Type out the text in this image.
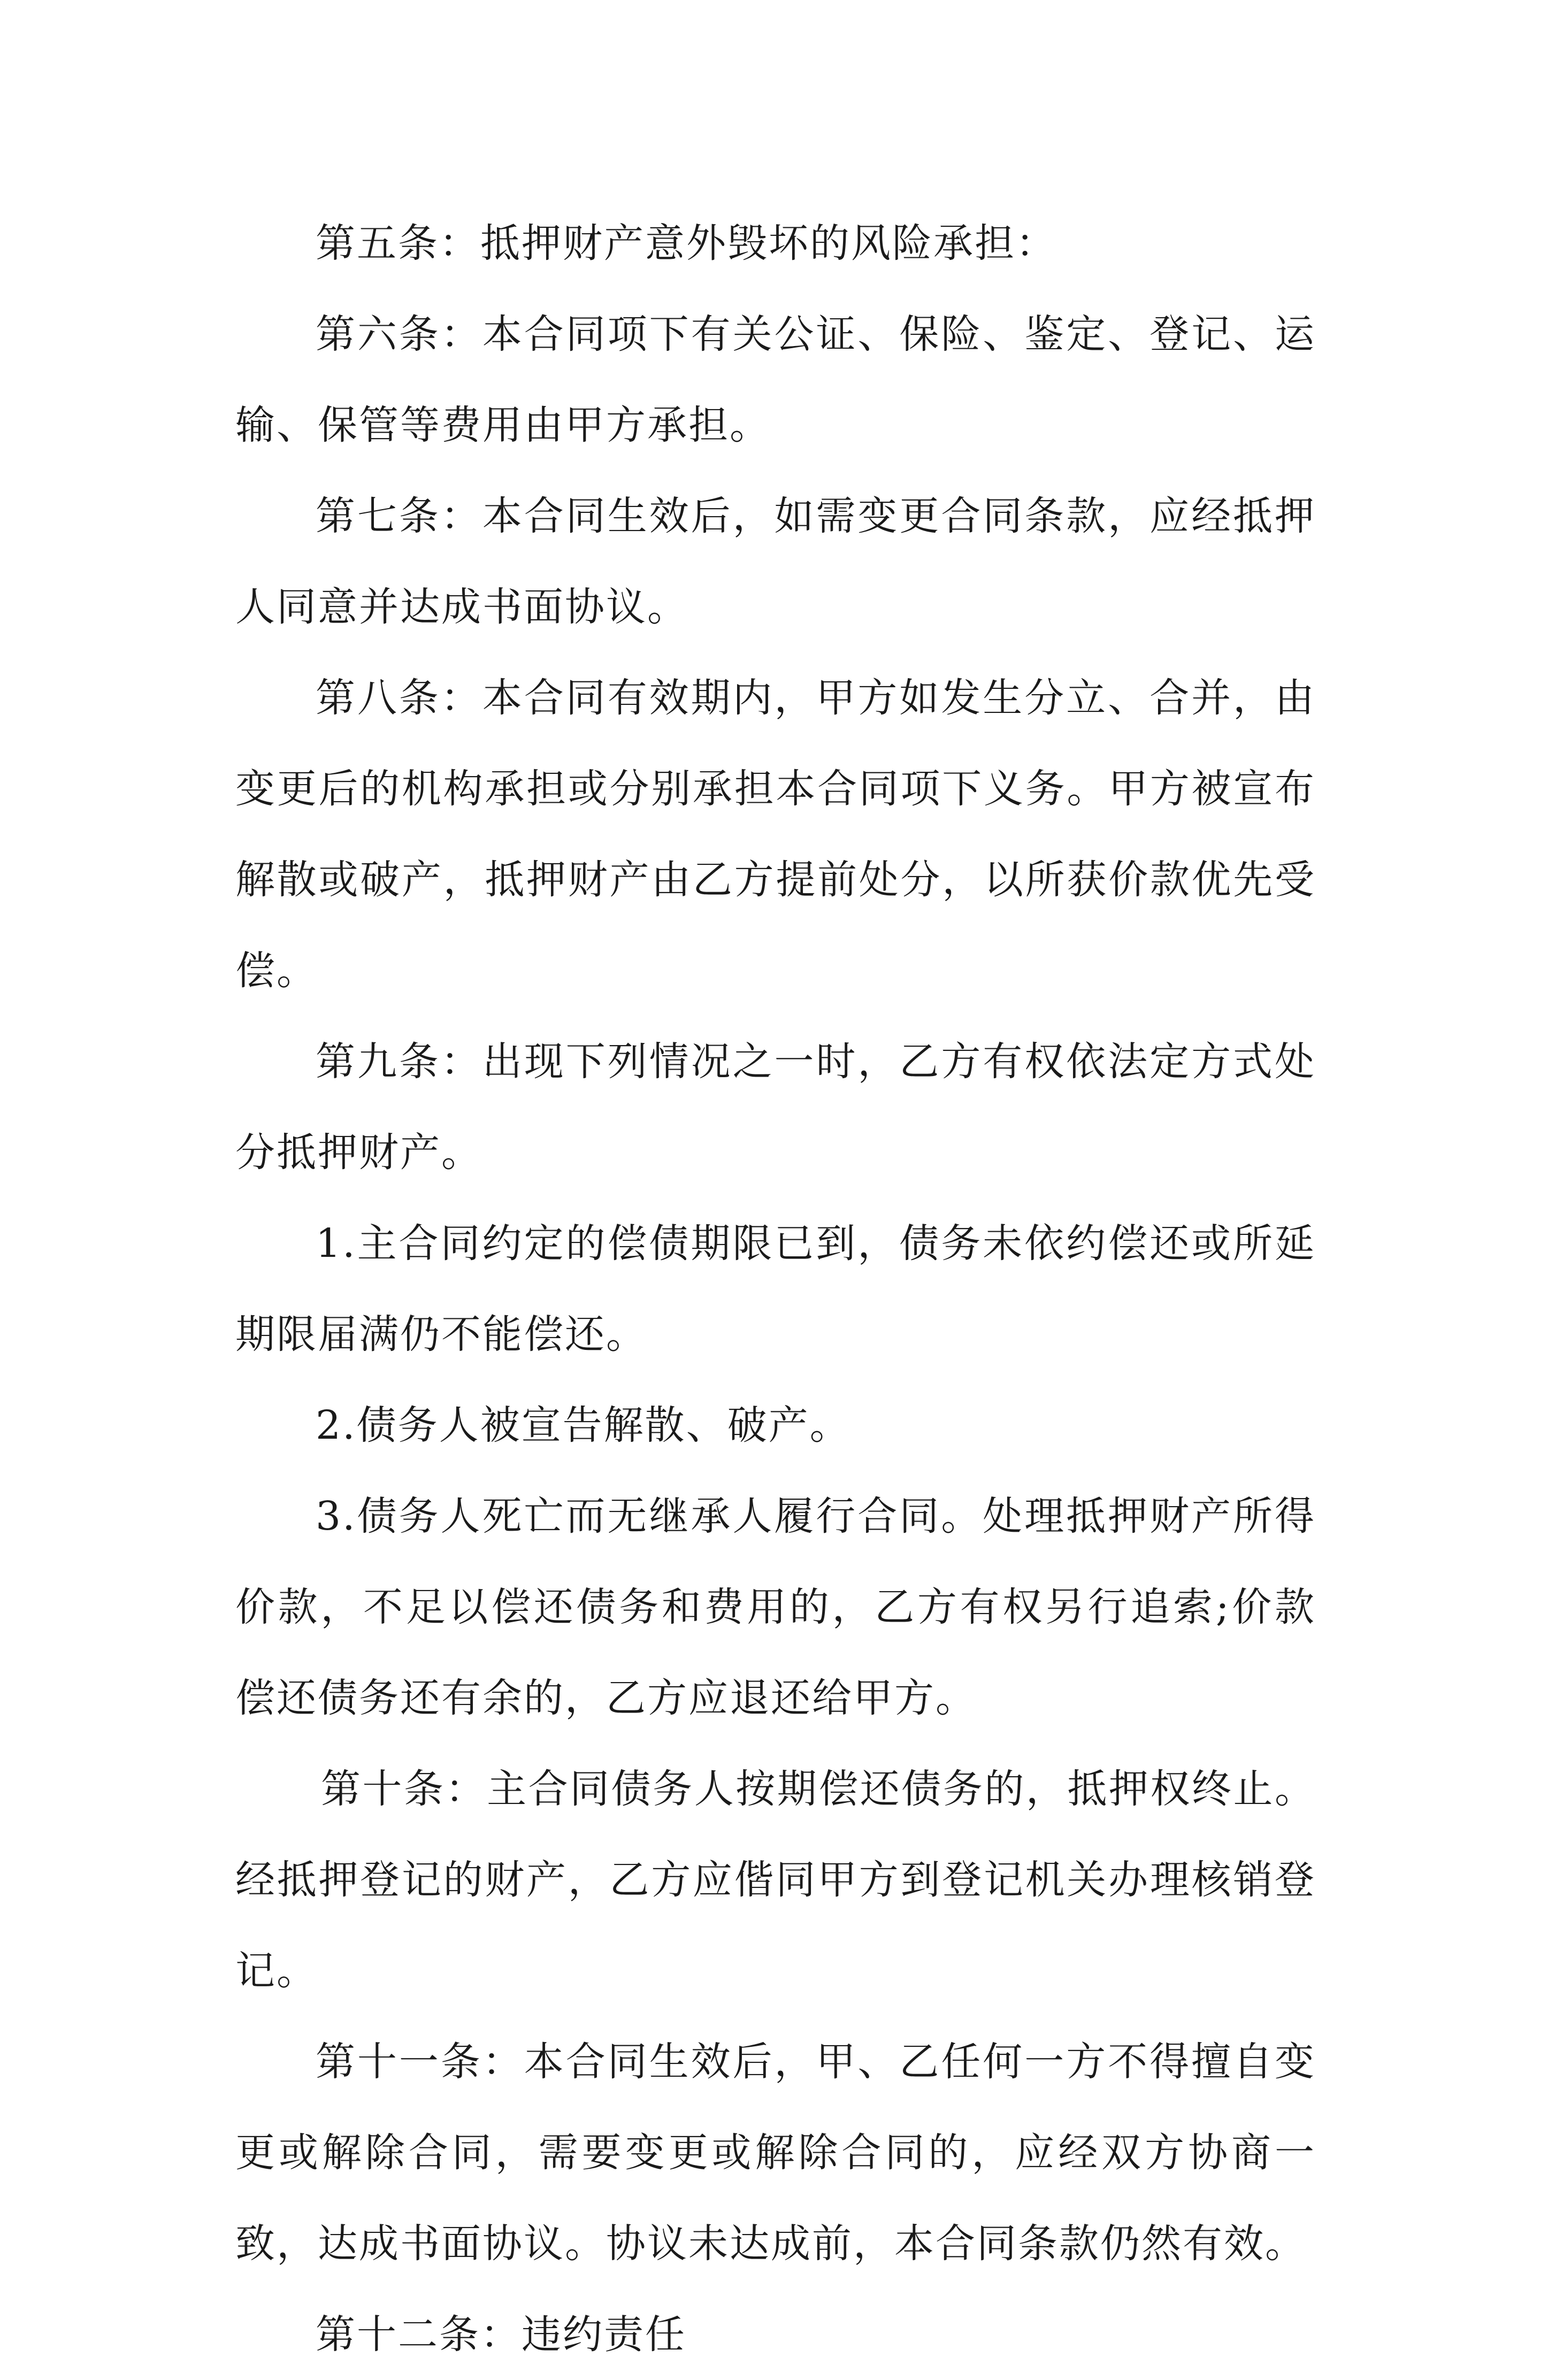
第五条：抵押财产意外毁坏的风险承担：

第六条：本合同项下有关公证、保险、鉴定、登记、运输、保管等费用由甲方承担。

第七条：本合同生效后，如需变更合同条款，应经抵押人同意并达成书面协议。

第八条：本合同有效期内，甲方如发生分立、合并，由变更后的机构承担或分别承担本合同项下义务。甲方被宣布解散或破产，抵押财产由乙方提前处分，以所获价款优先受偿。

第九条：出现下列情况之一时，乙方有权依法定方式处分抵押财产。

1.主合同约定的偿债期限已到，债务未依约偿还或所延期限届满仍不能偿还。

2.债务人被宣告解散、破产。

3.债务人死亡而无继承人履行合同。处理抵押财产所得价款，不足以偿还债务和费用的，乙方有权另行追索;价款偿还债务还有余的，乙方应退还给甲方。

第十条：主合同债务人按期偿还债务的，抵押权终止。经抵押登记的财产，乙方应偕同甲方到登记机关办理核销登记。

第十一条：本合同生效后，甲、乙任何一方不得擅自变更或解除合同，需要变更或解除合同的，应经双方协商一致，达成书面协议。协议未达成前，本合同条款仍然有效。

第十二条：违约责任
